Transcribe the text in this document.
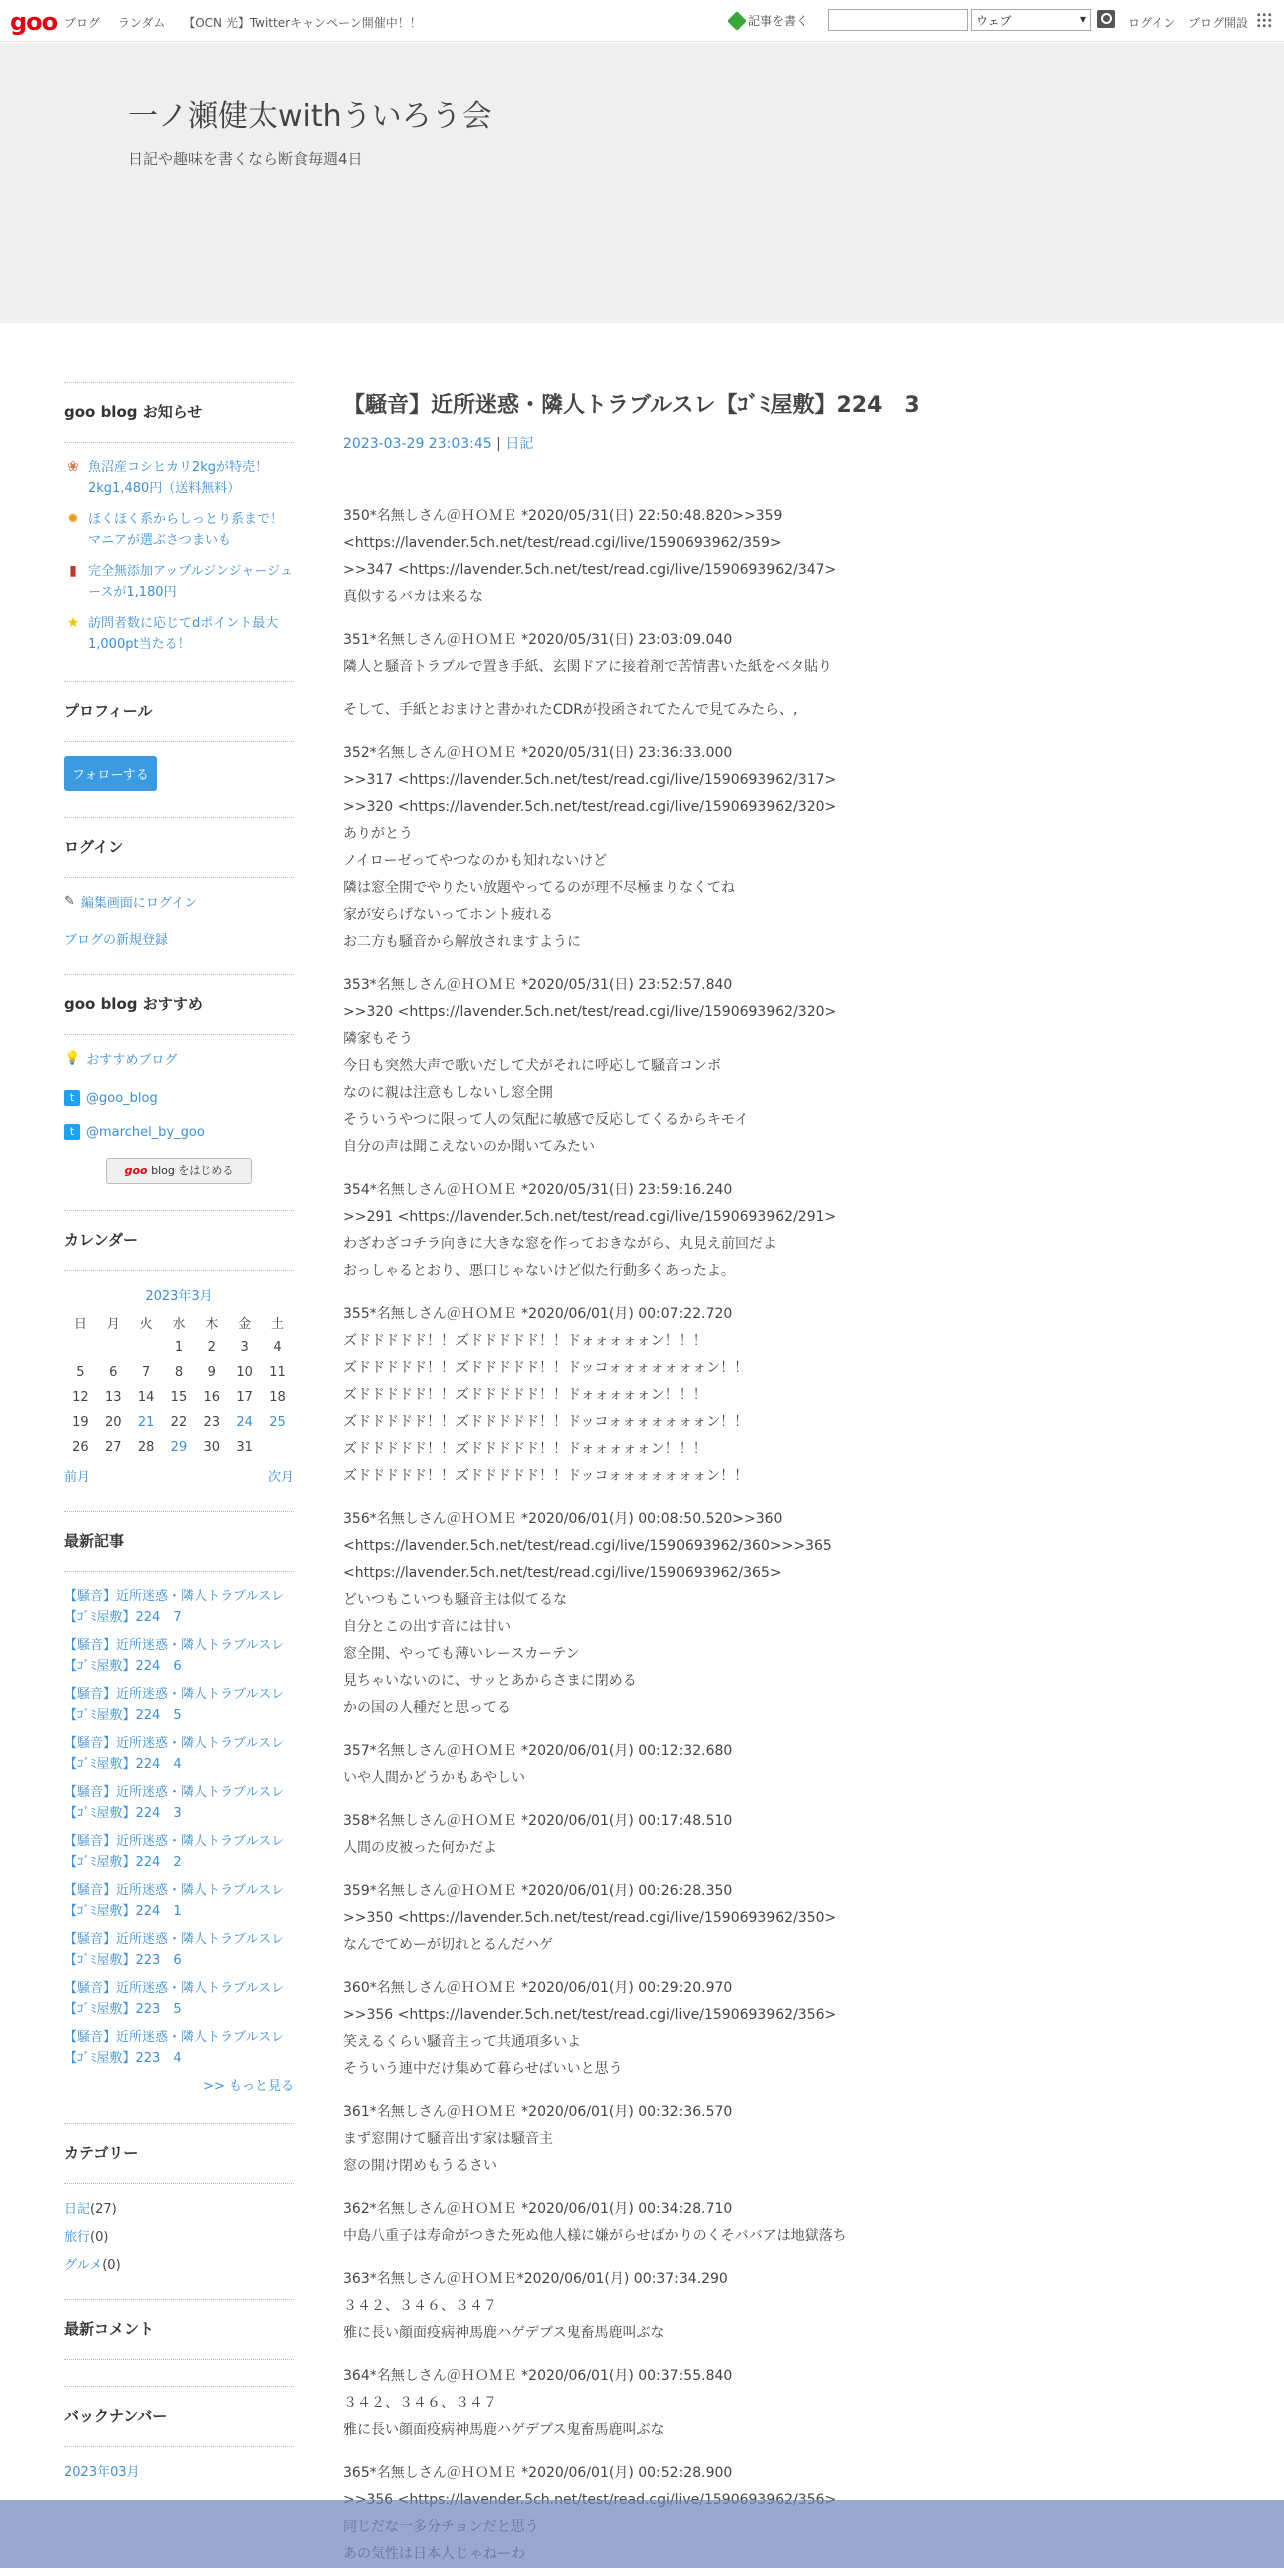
goo ブログ ランダム 【OCN 光】Twitterキャンペーン開催中！！	記事を書く	ウェブ	▾	ログイン ブログ開設
一ノ瀬健太withういろう会
日記や趣味を書くなら断食毎週4日
goo blog お知らせ
❀ 魚沼産コシヒカリ2kgが特売！2kg1,480円（送料無料）
✹ ほくほく系からしっとり系まで！マニアが選ぶさつまいも
▮ 完全無添加アップルジンジャージュースが1,180円
★ 訪問者数に応じてdポイント最大1,000pt当たる！
プロフィール
フォローする
ログイン
✎ 編集画面にログイン
ブログの新規登録
goo blog おすすめ
💡 おすすめブログ
t @goo_blog
t @marchel_by_goo
goo blog をはじめる
カレンダー
2023年3月
日	月	火	水	木	金	土
			1	2	3	4
5	6	7	8	9	10	11
12	13	14	15	16	17	18
19	20	21	22	23	24	25
26	27	28	29	30	31	
前月	次月
最新記事
【騒音】近所迷惑・隣人トラブルスレ【ｺﾞﾐ屋敷】224　7
【騒音】近所迷惑・隣人トラブルスレ【ｺﾞﾐ屋敷】224　6
【騒音】近所迷惑・隣人トラブルスレ【ｺﾞﾐ屋敷】224　5
【騒音】近所迷惑・隣人トラブルスレ【ｺﾞﾐ屋敷】224　4
【騒音】近所迷惑・隣人トラブルスレ【ｺﾞﾐ屋敷】224　3
【騒音】近所迷惑・隣人トラブルスレ【ｺﾞﾐ屋敷】224　2
【騒音】近所迷惑・隣人トラブルスレ【ｺﾞﾐ屋敷】224　1
【騒音】近所迷惑・隣人トラブルスレ【ｺﾞﾐ屋敷】223　6
【騒音】近所迷惑・隣人トラブルスレ【ｺﾞﾐ屋敷】223　5
【騒音】近所迷惑・隣人トラブルスレ【ｺﾞﾐ屋敷】223　4
>> もっと見る
カテゴリー
日記(27)
旅行(0)
グルメ(0)
最新コメント
バックナンバー
2023年03月
【騒音】近所迷惑・隣人トラブルスレ【ｺﾞﾐ屋敷】224　3
2023-03-29 23:03:45 | 日記
350*名無しさん＠ＨＯＭＥ *2020/05/31(日) 22:50:48.820>>359
<https://lavender.5ch.net/test/read.cgi/live/1590693962/359>
>>347 <https://lavender.5ch.net/test/read.cgi/live/1590693962/347>
真似するバカは来るな
351*名無しさん＠ＨＯＭＥ *2020/05/31(日) 23:03:09.040
隣人と騒音トラブルで置き手紙、玄関ドアに接着剤で苦情書いた紙をベタ貼り
そして、手紙とおまけと書かれたCDRが投函されてたんで見てみたら、,
352*名無しさん＠ＨＯＭＥ *2020/05/31(日) 23:36:33.000
>>317 <https://lavender.5ch.net/test/read.cgi/live/1590693962/317>
>>320 <https://lavender.5ch.net/test/read.cgi/live/1590693962/320>
ありがとう
ノイローゼってやつなのかも知れないけど
隣は窓全開でやりたい放題やってるのが理不尽極まりなくてね
家が安らげないってホント疲れる
お二方も騒音から解放されますように
353*名無しさん＠ＨＯＭＥ *2020/05/31(日) 23:52:57.840
>>320 <https://lavender.5ch.net/test/read.cgi/live/1590693962/320>
隣家もそう
今日も突然大声で歌いだして犬がそれに呼応して騒音コンボ
なのに親は注意もしないし窓全開
そういうやつに限って人の気配に敏感で反応してくるからキモイ
自分の声は聞こえないのか聞いてみたい
354*名無しさん＠ＨＯＭＥ *2020/05/31(日) 23:59:16.240
>>291 <https://lavender.5ch.net/test/read.cgi/live/1590693962/291>
わざわざコチラ向きに大きな窓を作っておきながら、丸見え前回だよ
おっしゃるとおり、悪口じゃないけど似た行動多くあったよ。
355*名無しさん＠ＨＯＭＥ *2020/06/01(月) 00:07:22.720
ズドドドドド！！ズドドドドド！！ドォォォォォン！！！
ズドドドドド！！ズドドドドド！！ドッコォォォォォォォン！！
ズドドドドド！！ズドドドドド！！ドォォォォォン！！！
ズドドドドド！！ズドドドドド！！ドッコォォォォォォォン！！
ズドドドドド！！ズドドドドド！！ドォォォォォン！！！
ズドドドドド！！ズドドドドド！！ドッコォォォォォォォン！！
356*名無しさん＠ＨＯＭＥ *2020/06/01(月) 00:08:50.520>>360
<https://lavender.5ch.net/test/read.cgi/live/1590693962/360>>>365
<https://lavender.5ch.net/test/read.cgi/live/1590693962/365>
どいつもこいつも騒音主は似てるな
自分とこの出す音には甘い
窓全開、やっても薄いレースカーテン
見ちゃいないのに、サッとあからさまに閉める
かの国の人種だと思ってる
357*名無しさん＠ＨＯＭＥ *2020/06/01(月) 00:12:32.680
いや人間かどうかもあやしい
358*名無しさん＠ＨＯＭＥ *2020/06/01(月) 00:17:48.510
人間の皮被った何かだよ
359*名無しさん＠ＨＯＭＥ *2020/06/01(月) 00:26:28.350
>>350 <https://lavender.5ch.net/test/read.cgi/live/1590693962/350>
なんでてめーが切れとるんだハゲ
360*名無しさん＠ＨＯＭＥ *2020/06/01(月) 00:29:20.970
>>356 <https://lavender.5ch.net/test/read.cgi/live/1590693962/356>
笑えるくらい騒音主って共通項多いよ
そういう連中だけ集めて暮らせばいいと思う
361*名無しさん＠ＨＯＭＥ *2020/06/01(月) 00:32:36.570
まず窓開けて騒音出す家は騒音主
窓の開け閉めもうるさい
362*名無しさん＠ＨＯＭＥ *2020/06/01(月) 00:34:28.710
中島八重子は寿命がつきた死ぬ他人様に嫌がらせばかりのくそババアは地獄落ち
363*名無しさん＠ＨＯＭＥ*2020/06/01(月) 00:37:34.290
３４２、３４６、３４７
雅に長い顔面疫病神馬鹿ハゲデブス鬼畜馬鹿叫ぶな
364*名無しさん＠ＨＯＭＥ *2020/06/01(月) 00:37:55.840
３４２、３４６、３４７
雅に長い顔面疫病神馬鹿ハゲデブス鬼畜馬鹿叫ぶな
365*名無しさん＠ＨＯＭＥ *2020/06/01(月) 00:52:28.900
